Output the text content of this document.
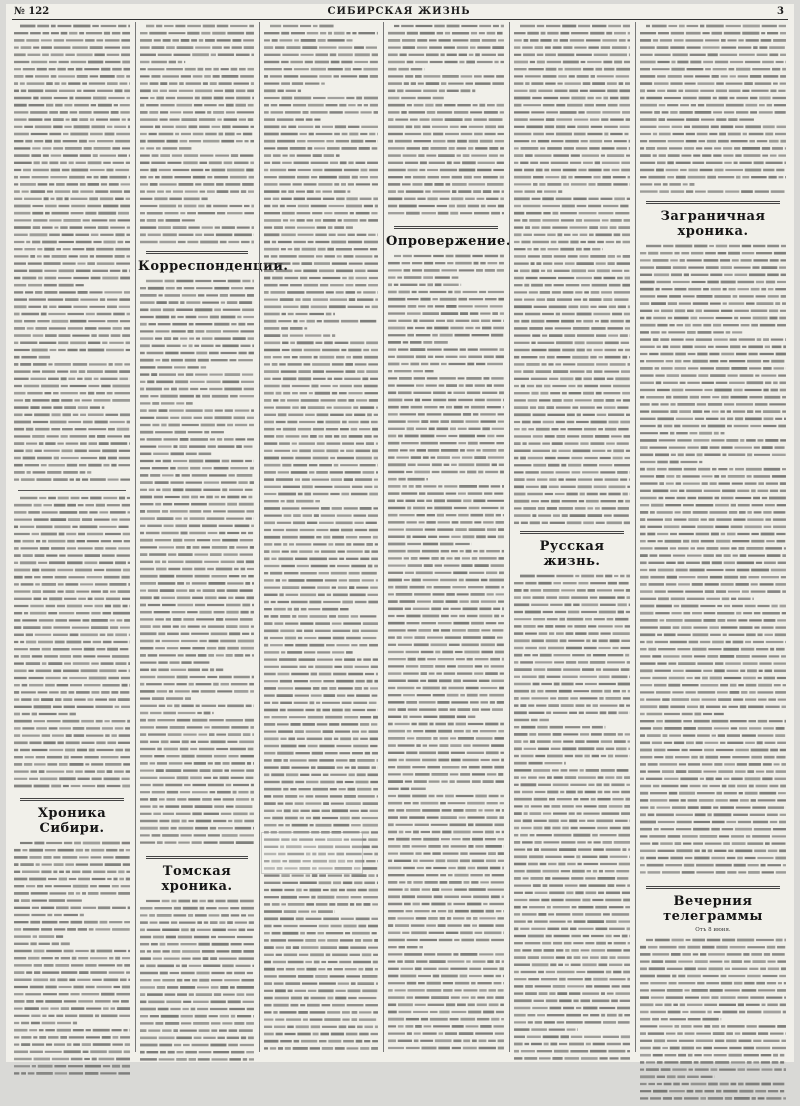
№ 122	СИБИРСКАЯ ЖИЗНЬ	3
Хроника Сибири.
Корреспонденции.
Томская хроника.
Опровержение.
Русская жизнь.
Заграничная хроника.
Вечерния телеграммы
Отъ 8 июня.
